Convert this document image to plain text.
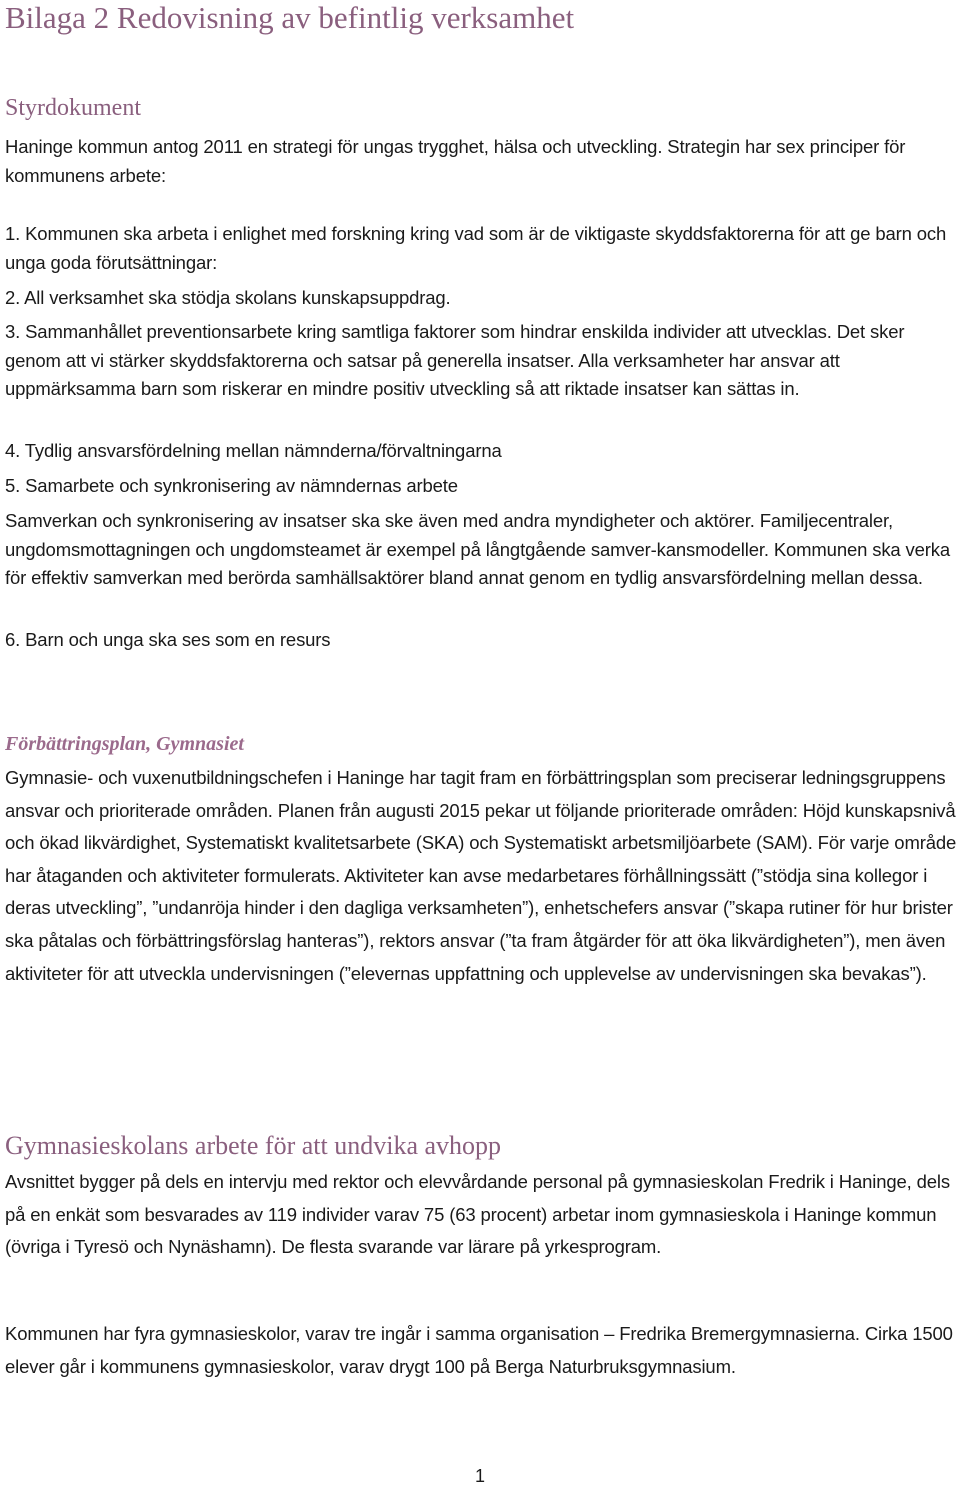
Bilaga 2 Redovisning av befintlig verksamhet
Styrdokument

Haninge kommun antog 2011 en strategi för ungas trygghet, hälsa och utveckling. Strategin har sex principer för kommunens arbete:

1. Kommunen ska arbeta i enlighet med forskning kring vad som är de viktigaste skyddsfaktorerna för att ge barn och unga goda förutsättningar:

2. All verksamhet ska stödja skolans kunskapsuppdrag.

3. Sammanhållet preventionsarbete kring samtliga faktorer som hindrar enskilda individer att utvecklas. Det sker genom att vi stärker skyddsfaktorerna och satsar på generella insatser. Alla verksamheter har ansvar att uppmärksamma barn som riskerar en mindre positiv utveckling så att riktade insatser kan sättas in.

4. Tydlig ansvarsfördelning mellan nämnderna/förvaltningarna

5. Samarbete och synkronisering av nämndernas arbete

Samverkan och synkronisering av insatser ska ske även med andra myndigheter och aktörer. Familjecentraler, ungdomsmottagningen och ungdomsteamet är exempel på långtgående samver-kansmodeller. Kommunen ska verka för effektiv samverkan med berörda samhällsaktörer bland annat genom en tydlig ansvarsfördelning mellan dessa.

6. Barn och unga ska ses som en resurs

Förbättringsplan, Gymnasiet

Gymnasie- och vuxenutbildningschefen i Haninge har tagit fram en förbättringsplan som preciserar ledningsgruppens ansvar och prioriterade områden. Planen från augusti 2015 pekar ut följande prioriterade områden: Höjd kunskapsnivå och ökad likvärdighet, Systematiskt kvalitetsarbete (SKA) och Systematiskt arbetsmiljöarbete (SAM). För varje område har åtaganden och aktiviteter formulerats. Aktiviteter kan avse medarbetares förhållningssätt (”stödja sina kollegor i deras utveckling”, ”undanröja hinder i den dagliga verksamheten”), enhetschefers ansvar (”skapa rutiner för hur brister ska påtalas och förbättringsförslag hanteras”), rektors ansvar (”ta fram åtgärder för att öka likvärdigheten”), men även aktiviteter för att utveckla undervisningen (”elevernas uppfattning och upplevelse av undervisningen ska bevakas”).

Gymnasieskolans arbete för att undvika avhopp

Avsnittet bygger på dels en intervju med rektor och elevvårdande personal på gymnasieskolan Fredrik i Haninge, dels på en enkät som besvarades av 119 individer varav 75 (63 procent) arbetar inom gymnasieskola i Haninge kommun (övriga i Tyresö och Nynäshamn). De flesta svarande var lärare på yrkesprogram.

Kommunen har fyra gymnasieskolor, varav tre ingår i samma organisation – Fredrika Bremergymnasierna. Cirka 1500 elever går i kommunens gymnasieskolor, varav drygt 100 på Berga Naturbruksgymnasium.

1
